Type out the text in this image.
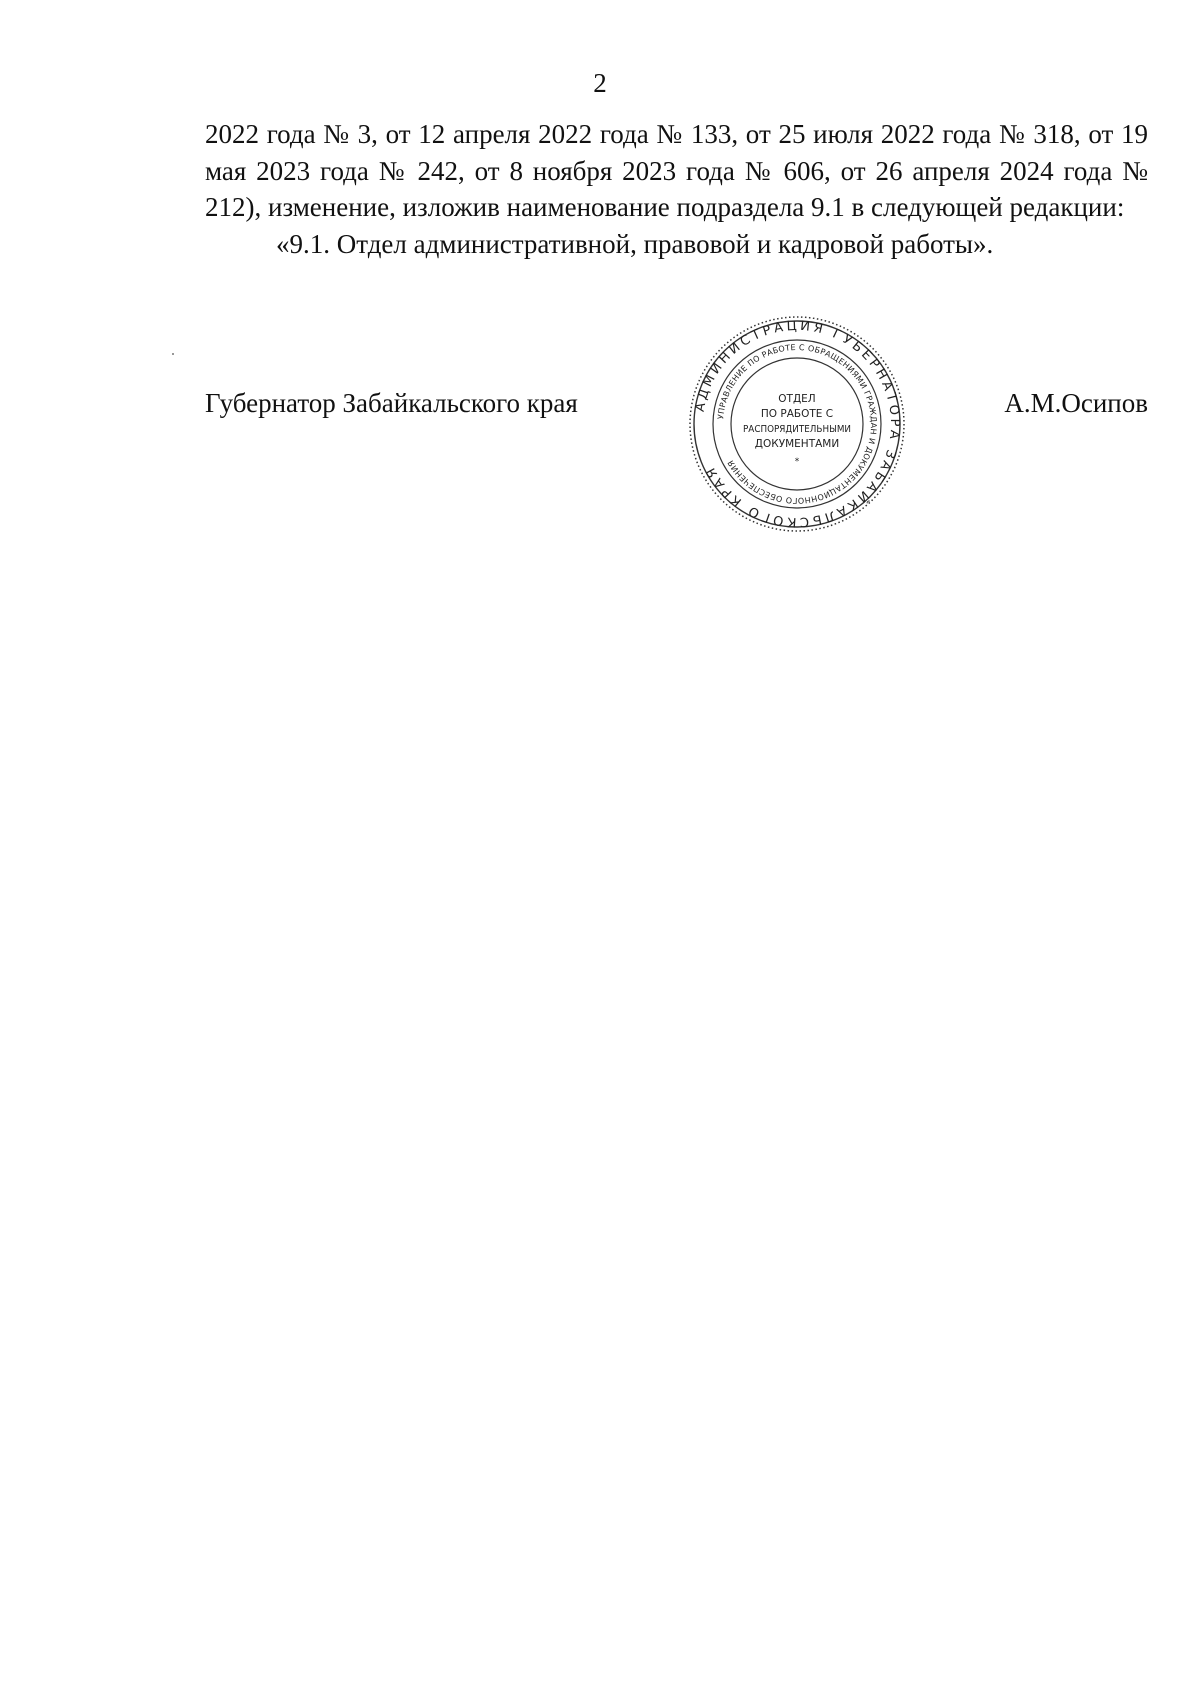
2

2022 года № 3, от 12 апреля 2022 года № 133, от 25 июля 2022 года № 318, от 19 мая 2023 года № 242, от 8 ноября 2023 года № 606, от 26 апреля 2024 года № 212), изменение, изложив наименование подраздела 9.1 в следующей редакции:

«9.1. Отдел административной, правовой и кадровой работы».

Губернатор Забайкальского края	А.М.Осипов
АДМИНИСТРАЦИЯ ГУБЕРНАТОРА ЗАБАЙКАЛЬСКОГО КРАЯ
УПРАВЛЕНИЕ ПО РАБОТЕ С ОБРАЩЕНИЯМИ ГРАЖДАН И ДОКУМЕНТАЦИОННОГО ОБЕСПЕЧЕНИЯ
ОТДЕЛ
ПО РАБОТЕ С
РАСПОРЯДИТЕЛЬНЫМИ
ДОКУМЕНТАМИ
*
